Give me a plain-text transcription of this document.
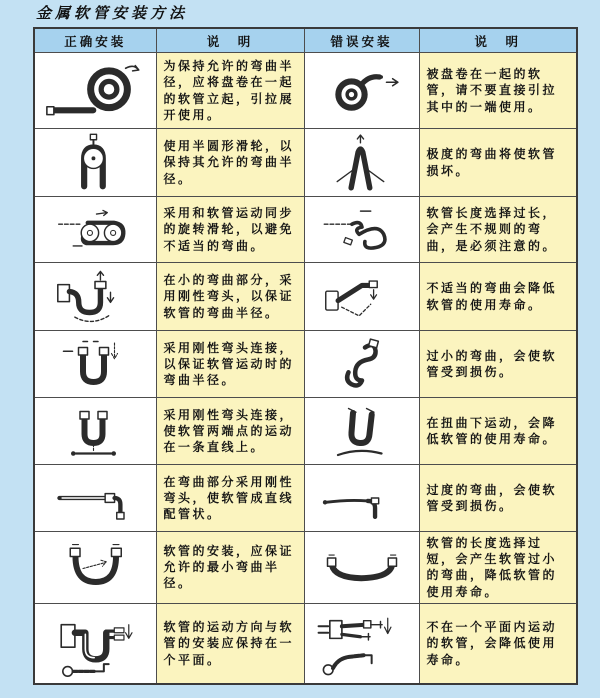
金属软管安装方法
正确安装	说　明	错误安装	说　明

为保持允许的弯曲半径，应将盘卷在一起的软管立起，引拉展开使用。		被盘卷在一起的软管，请不要直接引拉其中的一端使用。

使用半圆形滑轮，以保持其允许的弯曲半径。		极度的弯曲将使软管损坏。

采用和软管运动同步的旋转滑轮，以避免不适当的弯曲。		软管长度选择过长，会产生不规则的弯曲，是必须注意的。

在小的弯曲部分，采用刚性弯头，以保证软管的弯曲半径。		不适当的弯曲会降低软管的使用寿命。

采用刚性弯头连接，以保证软管运动时的弯曲半径。		过小的弯曲，会使软管受到损伤。

采用刚性弯头连接，使软管两端点的运动在一条直线上。		在扭曲下运动，会降低软管的使用寿命。

在弯曲部分采用刚性弯头，使软管成直线配管状。		过度的弯曲，会使软管受到损伤。

软管的安装，应保证允许的最小弯曲半径。		软管的长度选择过短，会产生软管过小的弯曲，降低软管的使用寿命。

软管的运动方向与软管的安装应保持在一个平面。		不在一个平面内运动的软管，会降低使用寿命。
